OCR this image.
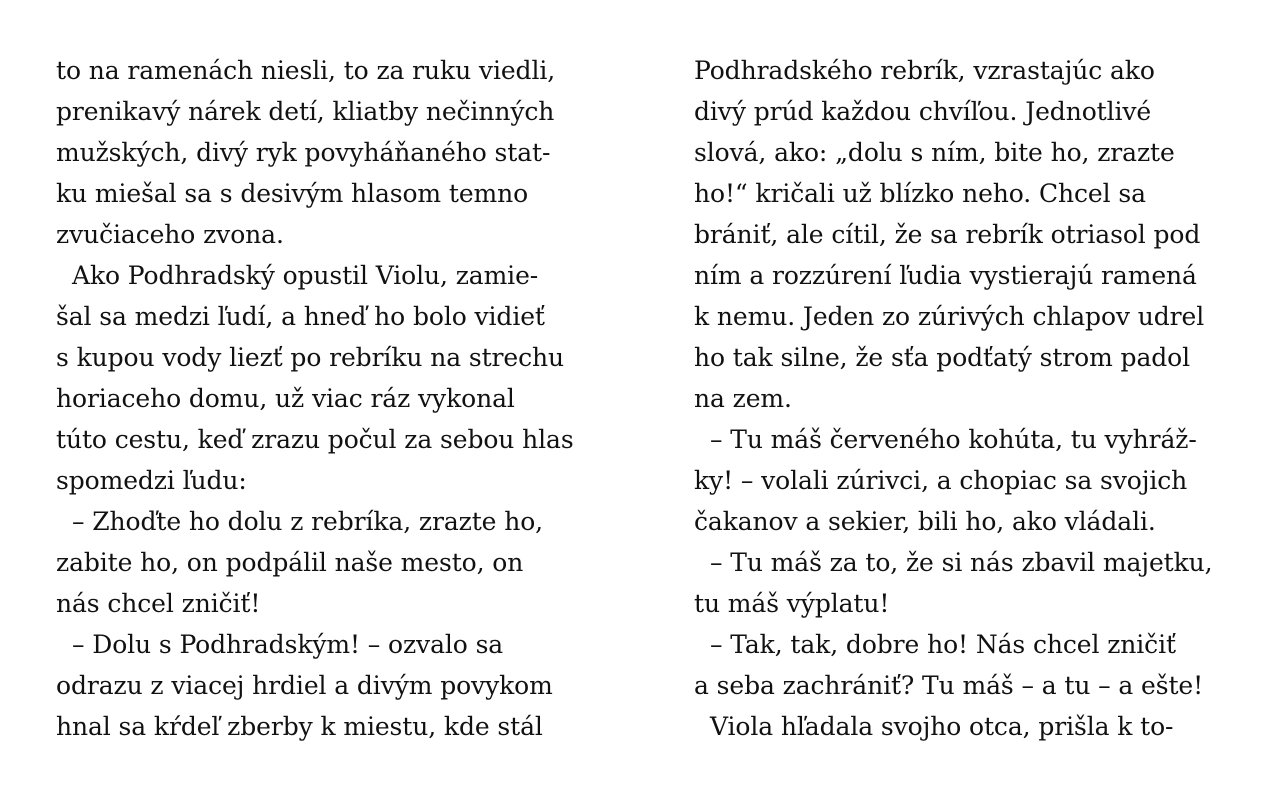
to na ramenách niesli, to za ruku viedli,
prenikavý nárek detí, kliatby nečinných
mužských, divý ryk povyháňaného stat-
ku miešal sa s desivým hlasom temno
zvučiaceho zvona.
Ako Podhradský opustil Violu, zamie-
šal sa medzi ľudí, a hneď ho bolo vidieť
s kupou vody liezť po rebríku na strechu
horiaceho domu, už viac ráz vykonal
túto cestu, keď zrazu počul za sebou hlas
spomedzi ľudu:
– Zhoďte ho dolu z rebríka, zrazte ho,
zabite ho, on podpálil naše mesto, on
nás chcel zničiť!
– Dolu s Podhradským! – ozvalo sa
odrazu z viacej hrdiel a divým povykom
hnal sa kŕdeľ zberby k miestu, kde stál
Podhradského rebrík, vzrastajúc ako
divý prúd každou chvíľou. Jednotlivé
slová, ako: „dolu s ním, bite ho, zrazte
ho!“ kričali už blízko neho. Chcel sa
brániť, ale cítil, že sa rebrík otriasol pod
ním a rozzúrení ľudia vystierajú ramená
k nemu. Jeden zo zúrivých chlapov udrel
ho tak silne, že sťa podťatý strom padol
na zem.
– Tu máš červeného kohúta, tu vyhráž-
ky! – volali zúrivci, a chopiac sa svojich
čakanov a sekier, bili ho, ako vládali.
– Tu máš za to, že si nás zbavil majetku,
tu máš výplatu!
– Tak, tak, dobre ho! Nás chcel zničiť
a seba zachrániť? Tu máš – a tu – a ešte!
Viola hľadala svojho otca, prišla k to-
